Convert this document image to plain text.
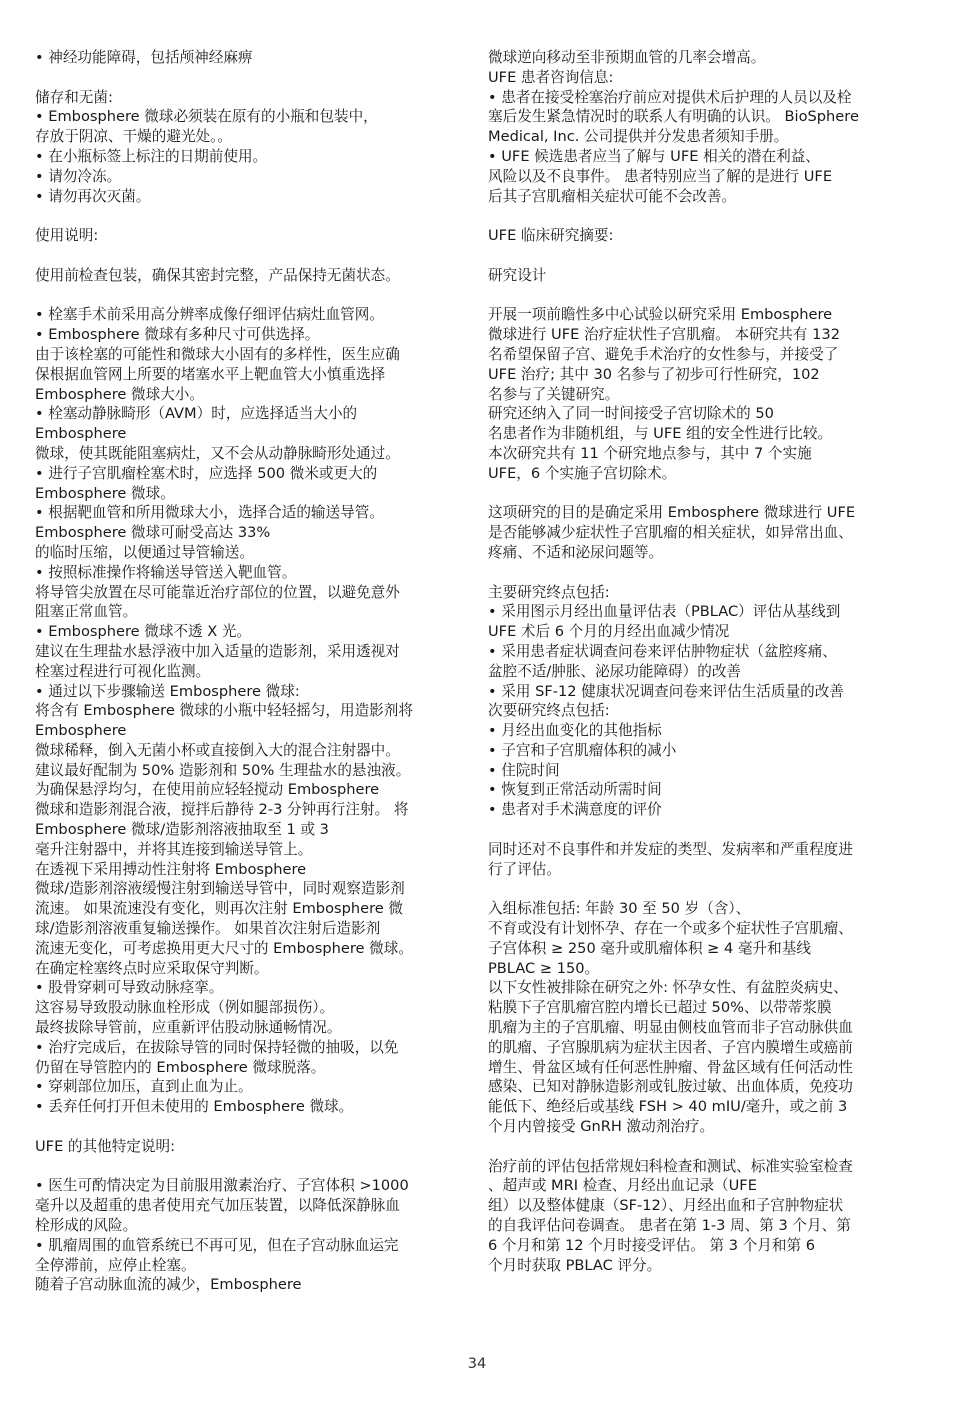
• 神经功能障碍，包括颅神经麻痹
储存和无菌:
• Embosphere 微球必须装在原有的小瓶和包装中，
存放于阴凉、干燥的避光处。。
• 在小瓶标签上标注的日期前使用。
• 请勿冷冻。
• 请勿再次灭菌。
使用说明:
使用前检查包装，确保其密封完整，产品保持无菌状态。
• 栓塞手术前采用高分辨率成像仔细评估病灶血管网。
• Embosphere 微球有多种尺寸可供选择。
由于该栓塞的可能性和微球大小固有的多样性，医生应确
保根据血管网上所要的堵塞水平上靶血管大小慎重选择
Embosphere 微球大小。
• 栓塞动静脉畸形（AVM）时，应选择适当大小的
Embosphere
微球，使其既能阻塞病灶，又不会从动静脉畸形处通过。
• 进行子宫肌瘤栓塞术时，应选择 500 微米或更大的
Embosphere 微球。
• 根据靶血管和所用微球大小，选择合适的输送导管。
Embosphere 微球可耐受高达 33%
的临时压缩，以便通过导管输送。
• 按照标准操作将输送导管送入靶血管。
将导管尖放置在尽可能靠近治疗部位的位置，以避免意外
阻塞正常血管。
• Embosphere 微球不透 X 光。
建议在生理盐水悬浮液中加入适量的造影剂，采用透视对
栓塞过程进行可视化监测。
• 通过以下步骤输送 Embosphere 微球:
将含有 Embosphere 微球的小瓶中轻轻摇匀，用造影剂将
Embosphere
微球稀释，倒入无菌小杯或直接倒入大的混合注射器中。
建议最好配制为 50% 造影剂和 50% 生理盐水的悬浊液。
为确保悬浮均匀，在使用前应轻轻搅动 Embosphere
微球和造影剂混合液，搅拌后静待 2-3 分钟再行注射。 将
Embosphere 微球/造影剂溶液抽取至 1 或 3
毫升注射器中，并将其连接到输送导管上。
在透视下采用搏动性注射将 Embosphere
微球/造影剂溶液缓慢注射到输送导管中，同时观察造影剂
流速。 如果流速没有变化，则再次注射 Embosphere 微
球/造影剂溶液重复输送操作。 如果首次注射后造影剂
流速无变化，可考虑换用更大尺寸的 Embosphere 微球。
在确定栓塞终点时应采取保守判断。
• 股骨穿刺可导致动脉痉挛。
这容易导致股动脉血栓形成（例如腿部损伤）。
最终拔除导管前，应重新评估股动脉通畅情况。
• 治疗完成后，在拔除导管的同时保持轻微的抽吸，以免
仍留在导管腔内的 Embosphere 微球脱落。
• 穿刺部位加压，直到止血为止。
• 丢弃任何打开但未使用的 Embosphere 微球。
UFE 的其他特定说明:
• 医生可酌情决定为目前服用激素治疗、子宫体积 >1000
毫升以及超重的患者使用充气加压装置，以降低深静脉血
栓形成的风险。
• 肌瘤周围的血管系统已不再可见，但在子宫动脉血运完
全停滞前，应停止栓塞。
随着子宫动脉血流的减少，Embosphere
微球逆向移动至非预期血管的几率会增高。
UFE 患者咨询信息:
• 患者在接受栓塞治疗前应对提供术后护理的人员以及栓
塞后发生紧急情况时的联系人有明确的认识。 BioSphere
Medical, Inc. 公司提供并分发患者须知手册。
• UFE 候选患者应当了解与 UFE 相关的潜在利益、
风险以及不良事件。 患者特别应当了解的是进行 UFE
后其子宫肌瘤相关症状可能不会改善。
UFE 临床研究摘要:
研究设计
开展一项前瞻性多中心试验以研究采用 Embosphere
微球进行 UFE 治疗症状性子宫肌瘤。 本研究共有 132
名希望保留子宫、避免手术治疗的女性参与，并接受了
UFE 治疗; 其中 30 名参与了初步可行性研究，102
名参与了关键研究。
研究还纳入了同一时间接受子宫切除术的 50
名患者作为非随机组，与 UFE 组的安全性进行比较。
本次研究共有 11 个研究地点参与，其中 7 个实施
UFE，6 个实施子宫切除术。
这项研究的目的是确定采用 Embosphere 微球进行 UFE
是否能够减少症状性子宫肌瘤的相关症状，如异常出血、
疼痛、不适和泌尿问题等。
主要研究终点包括:
• 采用图示月经出血量评估表（PBLAC）评估从基线到
UFE 术后 6 个月的月经出血减少情况
• 采用患者症状调查问卷来评估肿物症状（盆腔疼痛、
盆腔不适/肿胀、泌尿功能障碍）的改善
• 采用 SF-12 健康状况调查问卷来评估生活质量的改善
次要研究终点包括:
• 月经出血变化的其他指标
• 子宫和子宫肌瘤体积的减小
• 住院时间
• 恢复到正常活动所需时间
• 患者对手术满意度的评价
同时还对不良事件和并发症的类型、发病率和严重程度进
行了评估。
入组标准包括: 年龄 30 至 50 岁（含）、
不育或没有计划怀孕、存在一个或多个症状性子宫肌瘤、
子宫体积 ≥ 250 毫升或肌瘤体积 ≥ 4 毫升和基线
PBLAC ≥ 150。
以下女性被排除在研究之外: 怀孕女性、有盆腔炎病史、
粘膜下子宫肌瘤宫腔内增长已超过 50%、以带蒂浆膜
肌瘤为主的子宫肌瘤、明显由侧枝血管而非子宫动脉供血
的肌瘤、子宫腺肌病为症状主因者、子宫内膜增生或癌前
增生、骨盆区域有任何恶性肿瘤、骨盆区域有任何活动性
感染、已知对静脉造影剂或钆胺过敏、出血体质，免疫功
能低下、绝经后或基线 FSH > 40 mIU/毫升，或之前 3
个月内曾接受 GnRH 激动剂治疗。
治疗前的评估包括常规妇科检查和测试、标准实验室检查
、超声或 MRI 检查、月经出血记录（UFE
组）以及整体健康（SF-12）、月经出血和子宫肿物症状
的自我评估问卷调查。 患者在第 1-3 周、第 3 个月、第
6 个月和第 12 个月时接受评估。 第 3 个月和第 6
个月时获取 PBLAC 评分。
34
